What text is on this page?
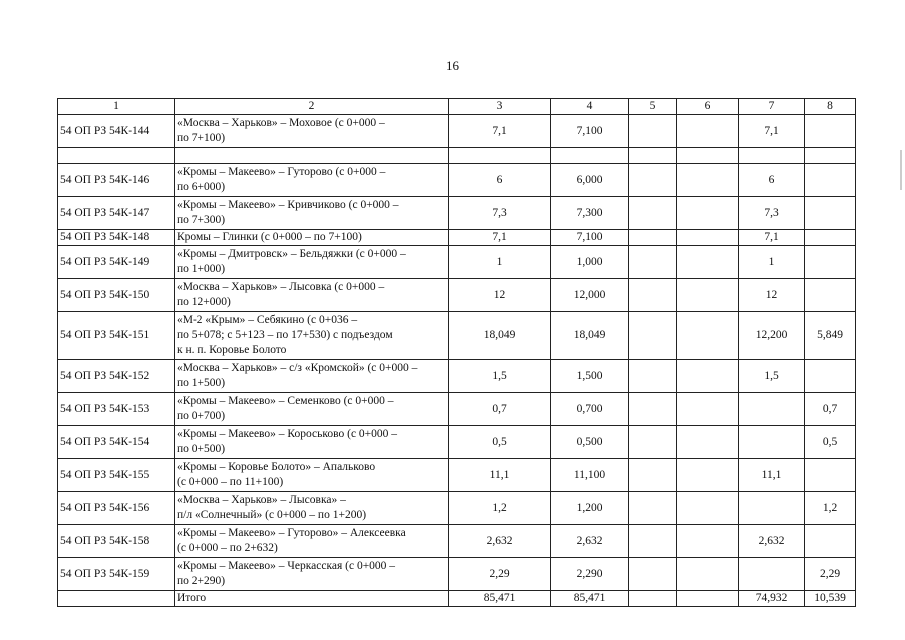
16
1	2	3	4	5	6	7	8
54 ОП РЗ 54К-144	«Москва – Харьков» – Моховое (с 0+000 –
по 7+100)	7,1	7,100			7,1	

54 ОП РЗ 54К-146	«Кромы – Макеево» – Гуторово (с 0+000 –
по 6+000)	6	6,000			6	
54 ОП РЗ 54К-147	«Кромы – Макеево» – Кривчиково (с 0+000 –
по 7+300)	7,3	7,300			7,3	
54 ОП РЗ 54К-148	Кромы – Глинки (с 0+000 – по 7+100)	7,1	7,100			7,1	
54 ОП РЗ 54К-149	«Кромы – Дмитровск» – Бельдяжки (с 0+000 –
по 1+000)	1	1,000			1	
54 ОП РЗ 54К-150	«Москва – Харьков» – Лысовка (с 0+000 –
по 12+000)	12	12,000			12	
54 ОП РЗ 54К-151	«М-2 «Крым» – Себякино (с 0+036 –
по 5+078; с 5+123 – по 17+530) с подъездом
к н. п. Коровье Болото	18,049	18,049			12,200	5,849
54 ОП РЗ 54К-152	«Москва – Харьков» – с/з «Кромской» (с 0+000 –
по 1+500)	1,5	1,500			1,5	
54 ОП РЗ 54К-153	«Кромы – Макеево» – Семенково (с 0+000 –
по 0+700)	0,7	0,700				0,7
54 ОП РЗ 54К-154	«Кромы – Макеево» – Короськово (с 0+000 –
по 0+500)	0,5	0,500				0,5
54 ОП РЗ 54К-155	«Кромы – Коровье Болото» – Апальково
(с 0+000 – по 11+100)	11,1	11,100			11,1	
54 ОП РЗ 54К-156	«Москва – Харьков» – Лысовка» –
п/л «Солнечный» (с 0+000 – по 1+200)	1,2	1,200				1,2
54 ОП РЗ 54К-158	«Кромы – Макеево» – Гуторово» – Алексеевка
(с 0+000 – по 2+632)	2,632	2,632			2,632	
54 ОП РЗ 54К-159	«Кромы – Макеево» – Черкасская (с 0+000 –
по 2+290)	2,29	2,290				2,29
	Итого	85,471	85,471			74,932	10,539
